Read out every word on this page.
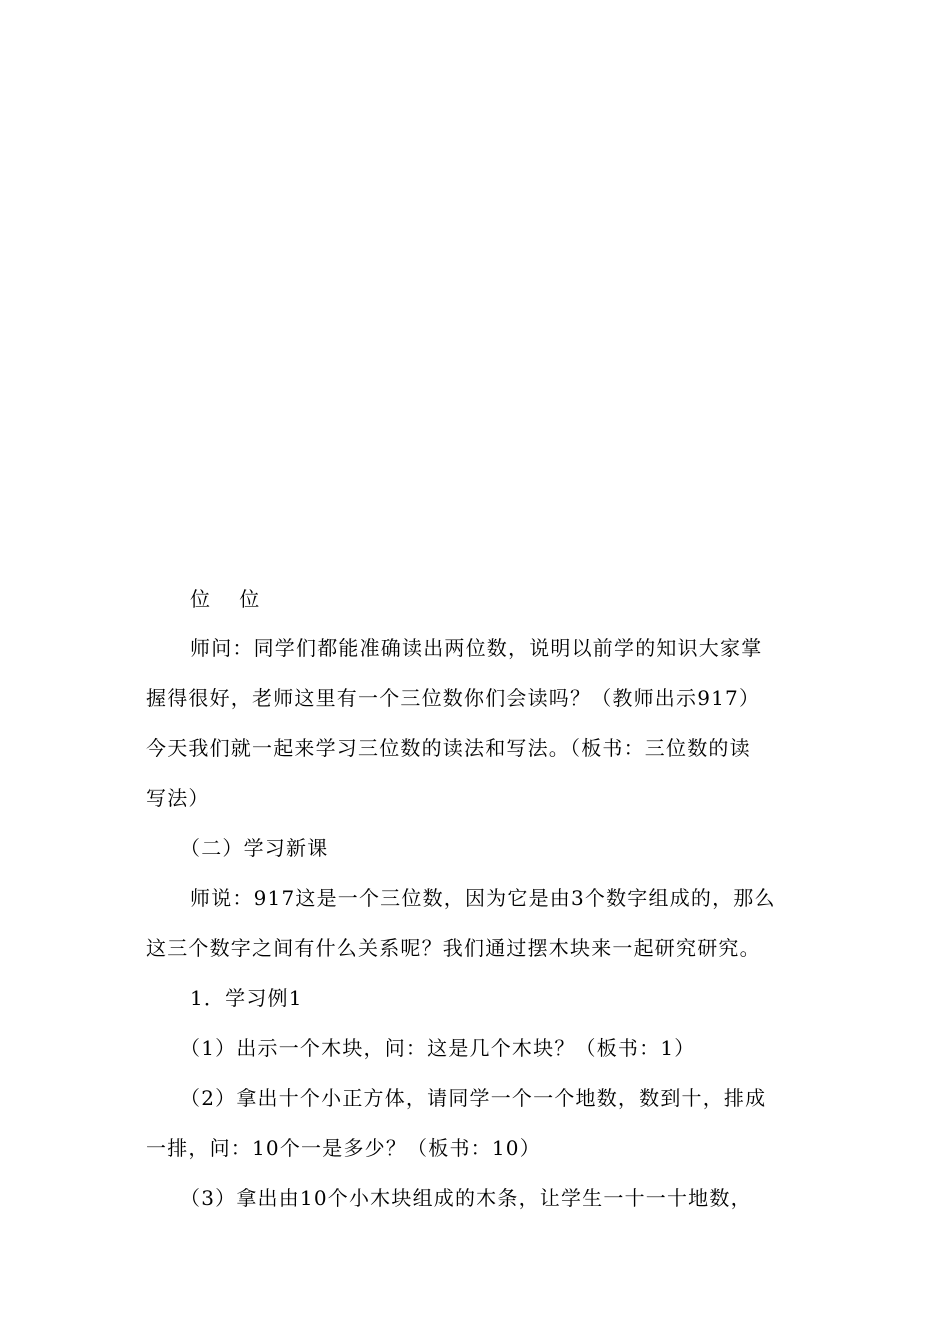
位 位
师问：同学们都能准确读出两位数，说明以前学的知识大家掌
握得很好，老师这里有一个三位数你们会读吗？（教师出示917）
今天我们就一起来学习三位数的读法和写法。（板书：三位数的读
写法）
（二）学习新课
师说：917这是一个三位数，因为它是由3个数字组成的，那么
这三个数字之间有什么关系呢？我们通过摆木块来一起研究研究。
1．学习例1
（1）出示一个木块，问：这是几个木块？（板书：1）
（2）拿出十个小正方体，请同学一个一个地数，数到十，排成
一排，问：10个一是多少？（板书：10）
（3）拿出由10个小木块组成的木条，让学生一十一十地数，
